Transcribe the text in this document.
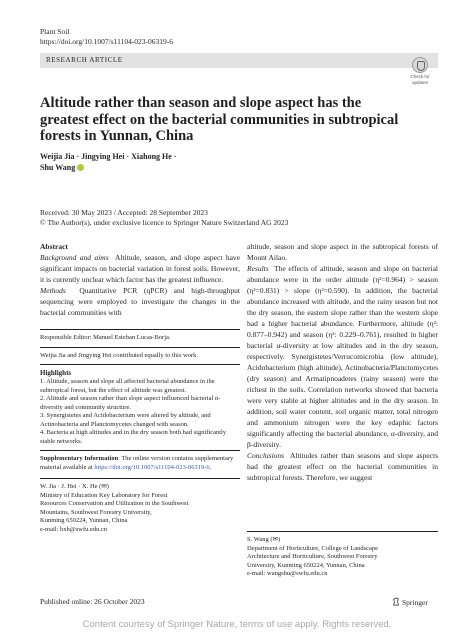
Plant Soil
https://doi.org/10.1007/s11104-023-06319-6
RESEARCH ARTICLE
Check for
updates
Altitude rather than season and slope aspect has the greatest effect on the bacterial communities in subtropical forests in Yunnan, China
Weijia Jia · Jingying Hei · Xiahong He ·
Shu Wang
Received: 30 May 2023 / Accepted: 28 September 2023
© The Author(s), under exclusive licence to Springer Nature Switzerland AG 2023
Abstract
Background and aims Altitude, season, and slope aspect have significant impacts on bacterial variation in forest soils. However, it is currently unclear which factor has the greatest influence.
Methods Quantitative PCR (qPCR) and high-throughput sequencing were employed to investigate the changes in the bacterial communities with
Responsible Editor: Manuel Esteban Lucas-Borja.
Weijia Jia and Jingying Hei contributed equally to this work.
Highlights
1. Altitude, season and slope all affected bacterial abundance in the subtropical forest, but the effect of altitude was greatest.
2. Altitude and season rather than slope aspect influenced bacterial α-diversity and community structure.
3. Synergistetes and Acidobacterium were altered by altitude, and Actinobacteria and Planctomycetes changed with season.
4. Bacteria at high altitudes and in the dry season both had significantly stable networks.
Supplementary Information The online version contains supplementary material available at https://doi.org/10.1007/s11104-023-06319-6.
W. Jia · J. Hei · X. He (✉)
Ministry of Education Key Laboratory for Forest
Resources Conservation and Utilization in the Southwest
Mountains, Southwest Forestry University,
Kunming 650224, Yunnan, China
e-mail: hxh@swfu.edu.cn
altitude, season and slope aspect in the subtropical forests of Mount Ailao.
Results The effects of altitude, season and slope on bacterial abundance were in the order altitude (η²=0.964) > season (η²=0.831) > slope (η²=0.590). In addition, the bacterial abundance increased with altitude, and the rainy season but not the dry season, the eastern slope rather than the western slope had a higher bacterial abundance. Furthermore, altitude (η²: 0.877–0.942) and season (η²: 0.229–0.761), resulted in higher bacterial α-diversity at low altitudes and in the dry season, respectively. Synergistetes/Verrucomicrobia (low altitude), Acidobacterium (high altitude), Actinobacteria/Planctomycetes (dry season) and Armatipnoadetes (rainy season) were the richest in the soils. Correlation networks showed that bacteria were very stable at higher altitudes and in the dry season. In addition, soil water content, soil organic matter, total nitrogen and ammonium nitrogen were the key edaphic factors significantly affecting the bacterial abundance, α-diversity, and β-diversity.
Conclusions Altitudes rather than seasons and slope aspects had the greatest effect on the bacterial communities in subtropical forests. Therefore, we suggest
S. Wang (✉)
Department of Horticulture, College of Landscape
Architecture and Horticulture, Southwest Forestry
University, Kunming 650224, Yunnan, China
e-mail: wangshu@swfu.edu.cn
Published online: 26 October 2023	Springer
Content courtesy of Springer Nature, terms of use apply. Rights reserved.
